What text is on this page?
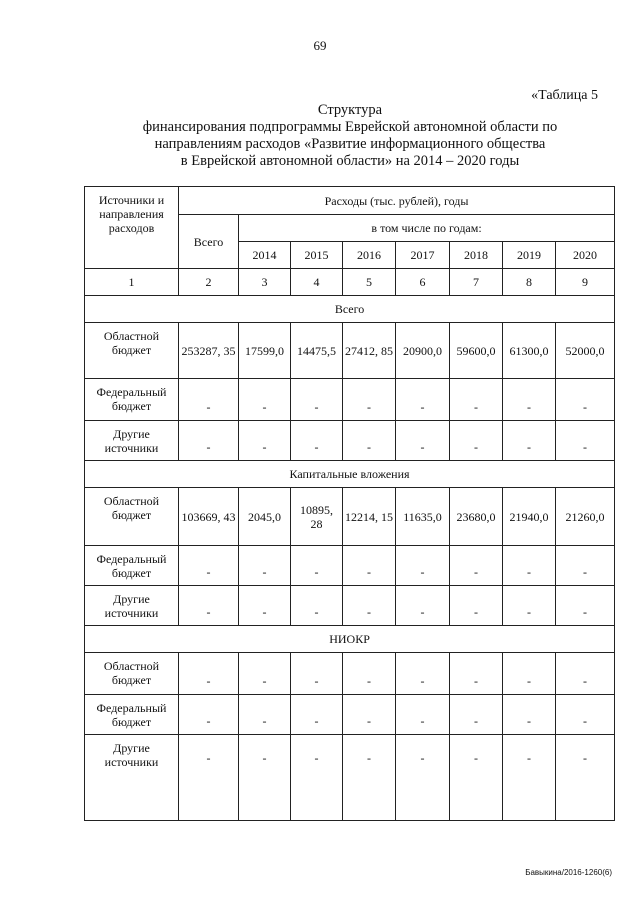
69
«Таблица 5
Структура
финансирования подпрограммы Еврейской автономной области по
направлениям расходов «Развитие информационного общества
в Еврейской автономной области» на 2014 – 2020 годы
Источники и направления расходов	Расходы (тыс. рублей), годы							
	Всего	в том числе по годам:						
		2014	2015	2016	2017	2018	2019	2020
1	2	3	4	5	6	7	8	9
Всего								
Областной бюджет	253287, 35	17599,0	14475,5	27412, 85	20900,0	59600,0	61300,0	52000,0
Федеральный бюджет	-	-	-	-	-	-	-	-
Другие источники	-	-	-	-	-	-	-	-
Капитальные вложения								
Областной бюджет	103669, 43	2045,0	10895, 28	12214, 15	11635,0	23680,0	21940,0	21260,0
Федеральный бюджет	-	-	-	-	-	-	-	-
Другие источники	-	-	-	-	-	-	-	-
НИОКР								
Областной бюджет	-	-	-	-	-	-	-	-
Федеральный бюджет	-	-	-	-	-	-	-	-
Другие источники	-	-	-	-	-	-	-	-
Бавыкина/2016-1260(6)
